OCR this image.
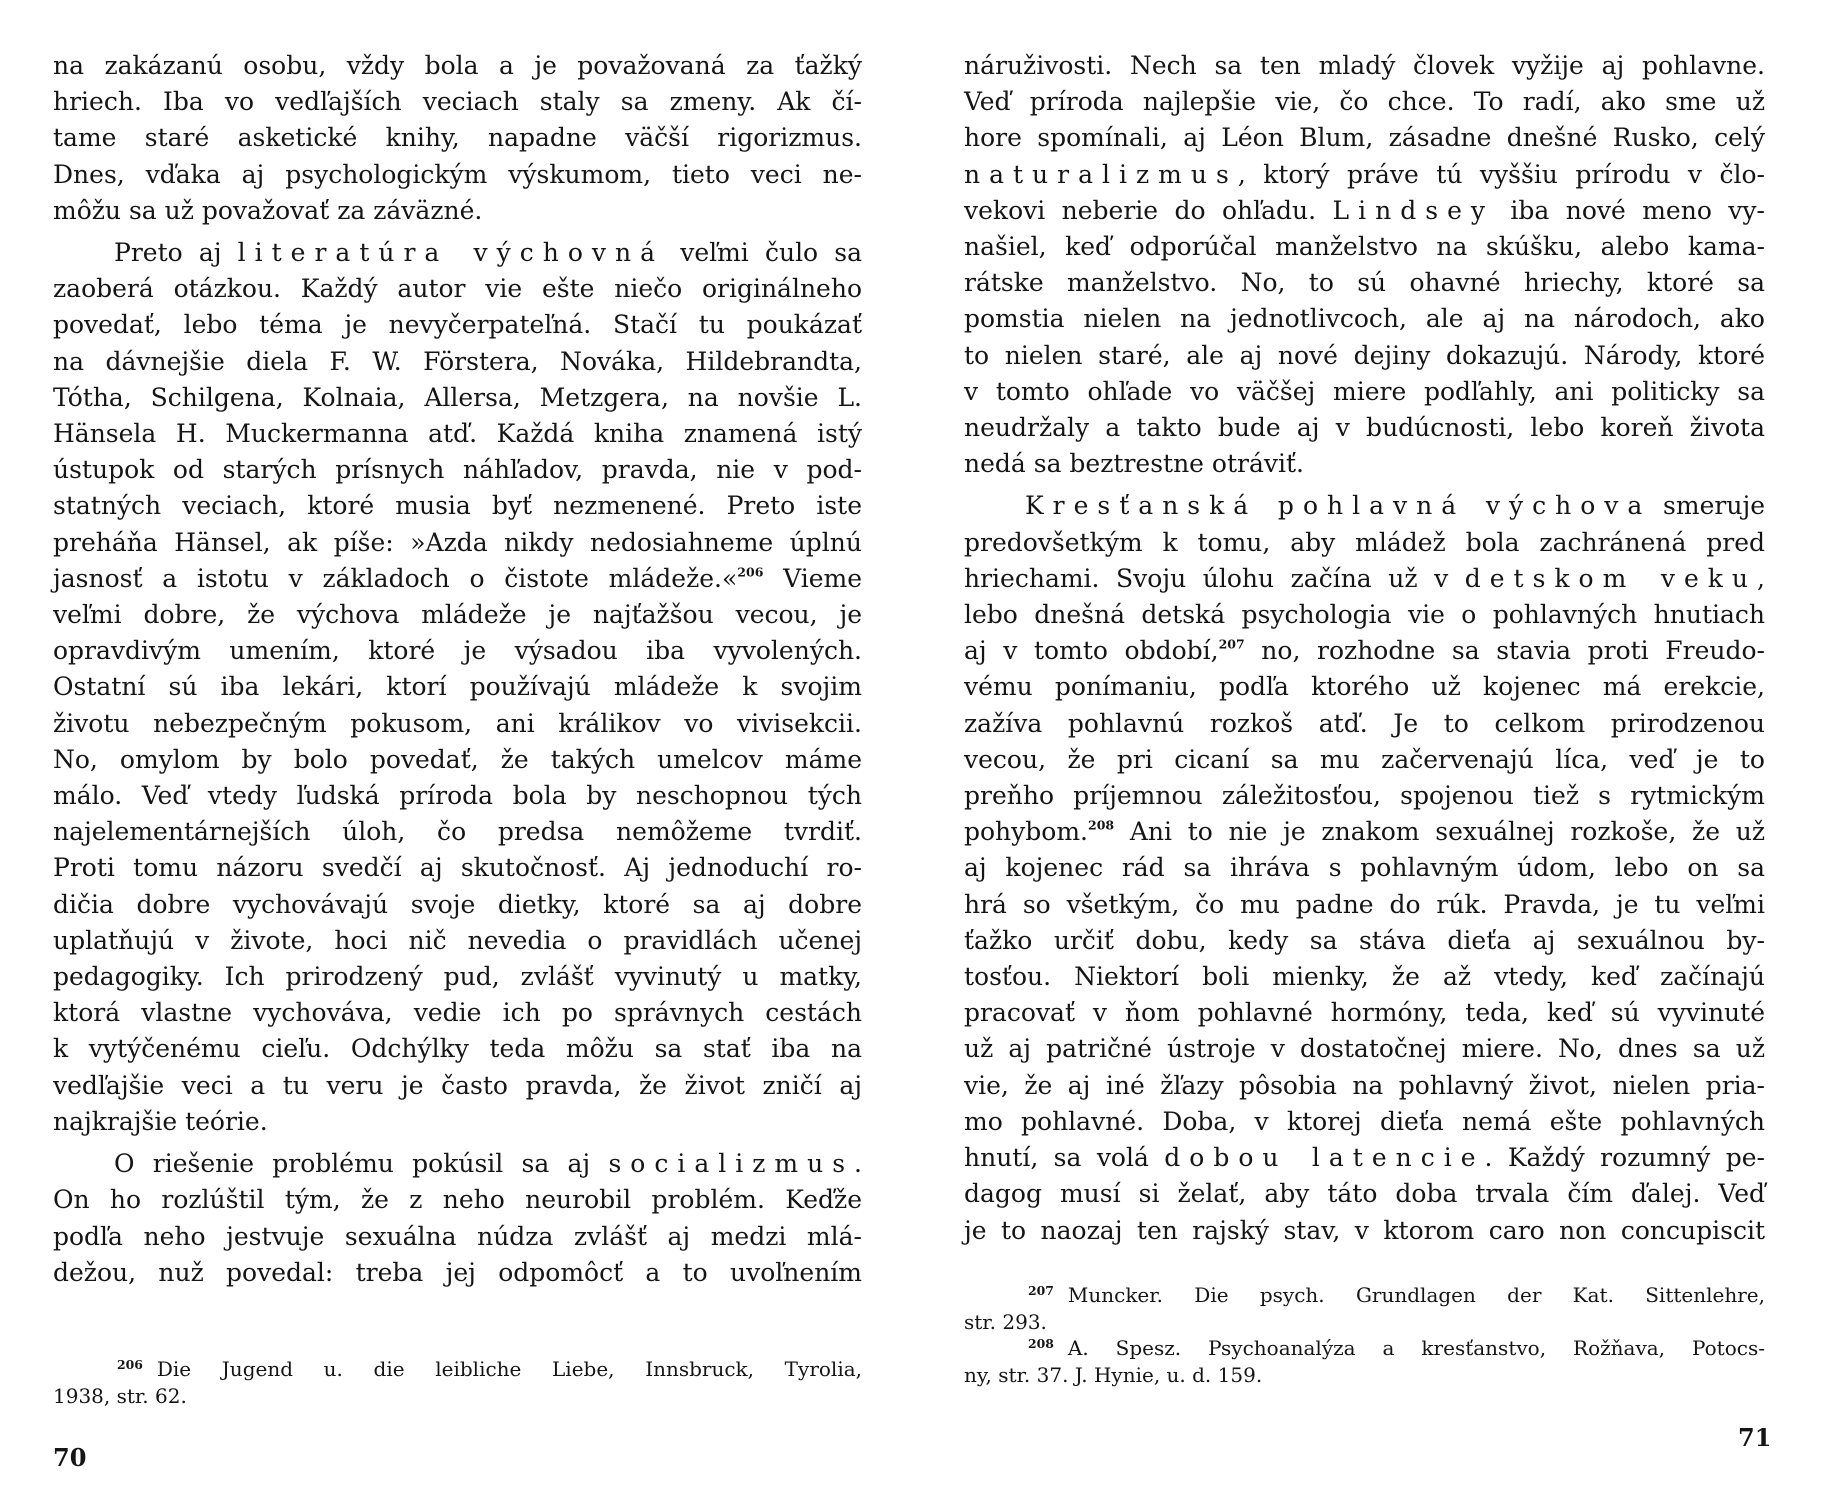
na zakázanú osobu, vždy bola a je považovaná za ťažký
hriech. Iba vo vedľajších veciach staly sa zmeny. Ak čí-
tame staré asketické knihy, napadne väčší rigorizmus.
Dnes, vďaka aj psychologickým výskumom, tieto veci ne-
môžu sa už považovať za záväzné.
Preto aj literatúra výchovná veľmi čulo sa
zaoberá otázkou. Každý autor vie ešte niečo originálneho
povedať, lebo téma je nevyčerpateľná. Stačí tu poukázať
na dávnejšie diela F. W. Förstera, Nováka, Hildebrandta,
Tótha, Schilgena, Kolnaia, Allersa, Metzgera, na novšie L.
Hänsela H. Muckermanna atď. Každá kniha znamená istý
ústupok od starých prísnych náhľadov, pravda, nie v pod-
statných veciach, ktoré musia byť nezmenené. Preto iste
preháňa Hänsel, ak píše: »Azda nikdy nedosiahneme úplnú
jasnosť a istotu v základoch o čistote mládeže.«$^{206}$ Vieme
veľmi dobre, že výchova mládeže je najťažšou vecou, je
opravdivým umením, ktoré je výsadou iba vyvolených.
Ostatní sú iba lekári, ktorí používajú mládeže k svojim
životu nebezpečným pokusom, ani králikov vo vivisekcii.
No, omylom by bolo povedať, že takých umelcov máme
málo. Veď vtedy ľudská príroda bola by neschopnou tých
najelementárnejších úloh, čo predsa nemôžeme tvrdiť.
Proti tomu názoru svedčí aj skutočnosť. Aj jednoduchí ro-
dičia dobre vychovávajú svoje dietky, ktoré sa aj dobre
uplatňujú v živote, hoci nič nevedia o pravidlách učenej
pedagogiky. Ich prirodzený pud, zvlášť vyvinutý u matky,
ktorá vlastne vychováva, vedie ich po správnych cestách
k vytýčenému cieľu. Odchýlky teda môžu sa stať iba na
vedľajšie veci a tu veru je často pravda, že život zničí aj
najkrajšie teórie.
O riešenie problému pokúsil sa aj socializmus.
On ho rozlúštil tým, že z neho neurobil problém. Keďže
podľa neho jestvuje sexuálna núdza zvlášť aj medzi mlá-
dežou, nuž povedal: treba jej odpomôcť a to uvoľnením
$^{206}$ Die Jugend u. die leibliche Liebe, Innsbruck, Tyrolia,
1938, str. 62.
70
náruživosti. Nech sa ten mladý človek vyžije aj pohlavne.
Veď príroda najlepšie vie, čo chce. To radí, ako sme už
hore spomínali, aj Léon Blum, zásadne dnešné Rusko, celý
naturalizmus, ktorý práve tú vyššiu prírodu v člo-
vekovi neberie do ohľadu. Lindsey iba nové meno vy-
našiel, keď odporúčal manželstvo na skúšku, alebo kama-
rátske manželstvo. No, to sú ohavné hriechy, ktoré sa
pomstia nielen na jednotlivcoch, ale aj na národoch, ako
to nielen staré, ale aj nové dejiny dokazujú. Národy, ktoré
v tomto ohľade vo väčšej miere podľahly, ani politicky sa
neudržaly a takto bude aj v budúcnosti, lebo koreň života
nedá sa beztrestne otráviť.
Kresťanská pohlavná výchova smeruje
predovšetkým k tomu, aby mládež bola zachránená pred
hriechami. Svoju úlohu začína už v detskom veku,
lebo dnešná detská psychologia vie o pohlavných hnutiach
aj v tomto období,$^{207}$ no, rozhodne sa stavia proti Freudo-
vému ponímaniu, podľa ktorého už kojenec má erekcie,
zažíva pohlavnú rozkoš atď. Je to celkom prirodzenou
vecou, že pri cicaní sa mu začervenajú líca, veď je to
preňho príjemnou záležitosťou, spojenou tiež s rytmickým
pohybom.$^{208}$ Ani to nie je znakom sexuálnej rozkoše, že už
aj kojenec rád sa ihráva s pohlavným údom, lebo on sa
hrá so všetkým, čo mu padne do rúk. Pravda, je tu veľmi
ťažko určiť dobu, kedy sa stáva dieťa aj sexuálnou by-
tosťou. Niektorí boli mienky, že až vtedy, keď začínajú
pracovať v ňom pohlavné hormóny, teda, keď sú vyvinuté
už aj patričné ústroje v dostatočnej miere. No, dnes sa už
vie, že aj iné žľazy pôsobia na pohlavný život, nielen pria-
mo pohlavné. Doba, v ktorej dieťa nemá ešte pohlavných
hnutí, sa volá dobou latencie. Každý rozumný pe-
dagog musí si želať, aby táto doba trvala čím ďalej. Veď
je to naozaj ten rajský stav, v ktorom caro non concupiscit
$^{207}$ Muncker. Die psych. Grundlagen der Kat. Sittenlehre,
str. 293.
$^{208}$ A. Spesz. Psychoanalýza a kresťanstvo, Rožňava, Potocs-
ny, str. 37. J. Hynie, u. d. 159.
71
